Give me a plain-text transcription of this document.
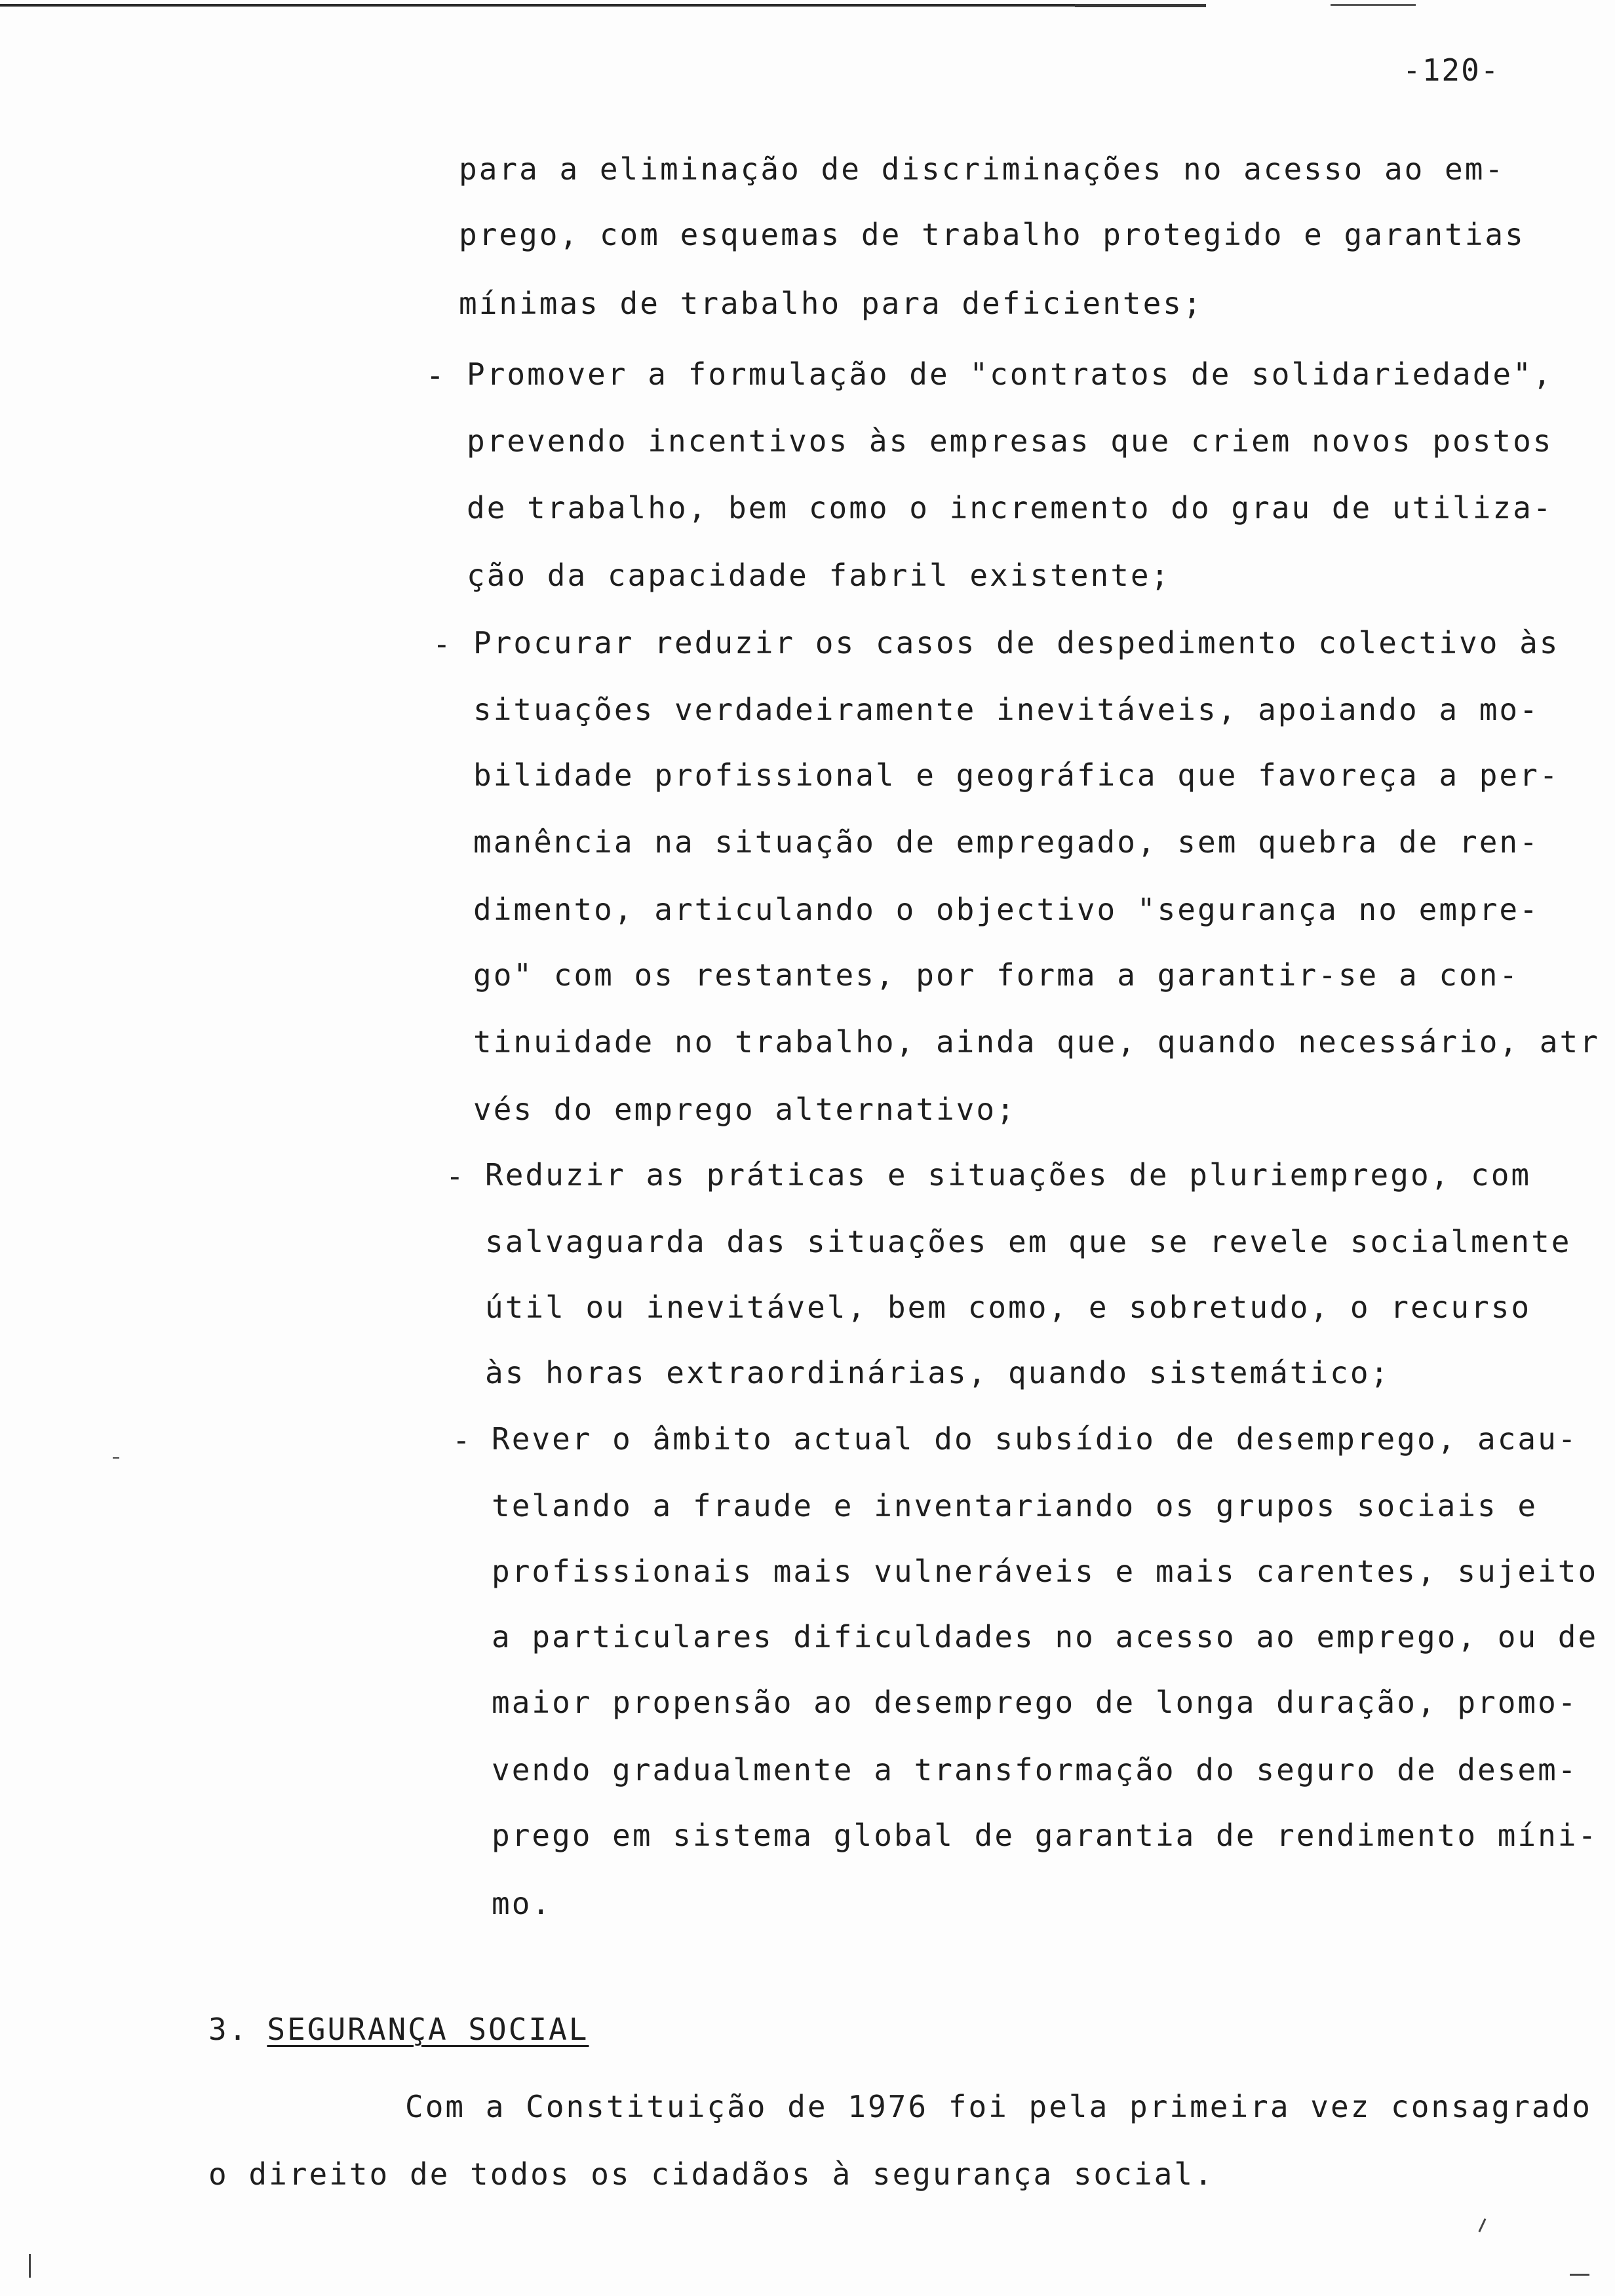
-120-
para a eliminação de discriminações no acesso ao em-
prego, com esquemas de trabalho protegido e garantias
mínimas de trabalho para deficientes;
- Promover a formulação de "contratos de solidariedade",
prevendo incentivos às empresas que criem novos postos
de trabalho, bem como o incremento do grau de utiliza-
ção da capacidade fabril existente;
- Procurar reduzir os casos de despedimento colectivo às
situações verdadeiramente inevitáveis, apoiando a mo-
bilidade profissional e geográfica que favoreça a per-
manência na situação de empregado, sem quebra de ren-
dimento, articulando o objectivo "segurança no empre-
go" com os restantes, por forma a garantir-se a con-
tinuidade no trabalho, ainda que, quando necessário, atr
vés do emprego alternativo;
- Reduzir as práticas e situações de pluriemprego, com
salvaguarda das situações em que se revele socialmente
útil ou inevitável, bem como, e sobretudo, o recurso
às horas extraordinárias, quando sistemático;
- Rever o âmbito actual do subsídio de desemprego, acau-
telando a fraude e inventariando os grupos sociais e
profissionais mais vulneráveis e mais carentes, sujeito
a particulares dificuldades no acesso ao emprego, ou de
maior propensão ao desemprego de longa duração, promo-
vendo gradualmente a transformação do seguro de desem-
prego em sistema global de garantia de rendimento míni-
mo.
3. SEGURANÇA SOCIAL
Com a Constituição de 1976 foi pela primeira vez consagrado
o direito de todos os cidadãos à segurança social.
